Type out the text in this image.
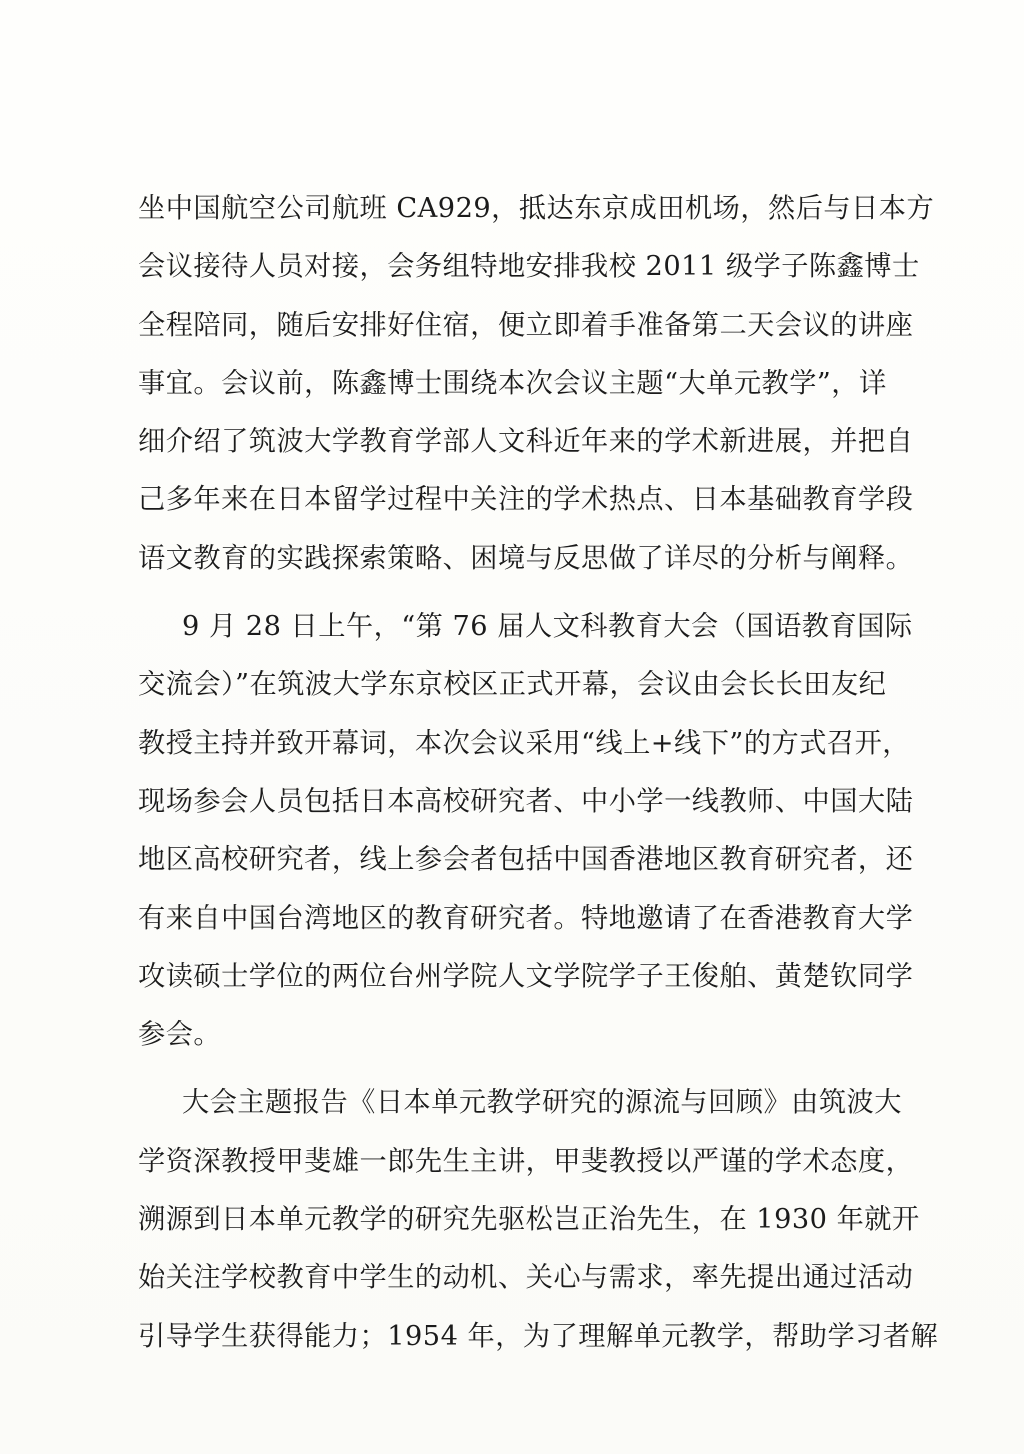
坐中国航空公司航班 CA929，抵达东京成田机场，然后与日本方
会议接待人员对接，会务组特地安排我校 2011 级学子陈鑫博士
全程陪同，随后安排好住宿，便立即着手准备第二天会议的讲座
事宜。会议前，陈鑫博士围绕本次会议主题“大单元教学”，详
细介绍了筑波大学教育学部人文科近年来的学术新进展，并把自
己多年来在日本留学过程中关注的学术热点、日本基础教育学段
语文教育的实践探索策略、困境与反思做了详尽的分析与阐释。
9 月 28 日上午，“第 76 届人文科教育大会（国语教育国际
交流会）”在筑波大学东京校区正式开幕，会议由会长长田友纪
教授主持并致开幕词，本次会议采用“线上+线下”的方式召开，
现场参会人员包括日本高校研究者、中小学一线教师、中国大陆
地区高校研究者，线上参会者包括中国香港地区教育研究者，还
有来自中国台湾地区的教育研究者。特地邀请了在香港教育大学
攻读硕士学位的两位台州学院人文学院学子王俊舶、黄楚钦同学
参会。
大会主题报告《日本单元教学研究的源流与回顾》由筑波大
学资深教授甲斐雄一郎先生主讲，甲斐教授以严谨的学术态度，
溯源到日本单元教学的研究先驱松岂正治先生，在 1930 年就开
始关注学校教育中学生的动机、关心与需求，率先提出通过活动
引导学生获得能力；1954 年，为了理解单元教学，帮助学习者解
